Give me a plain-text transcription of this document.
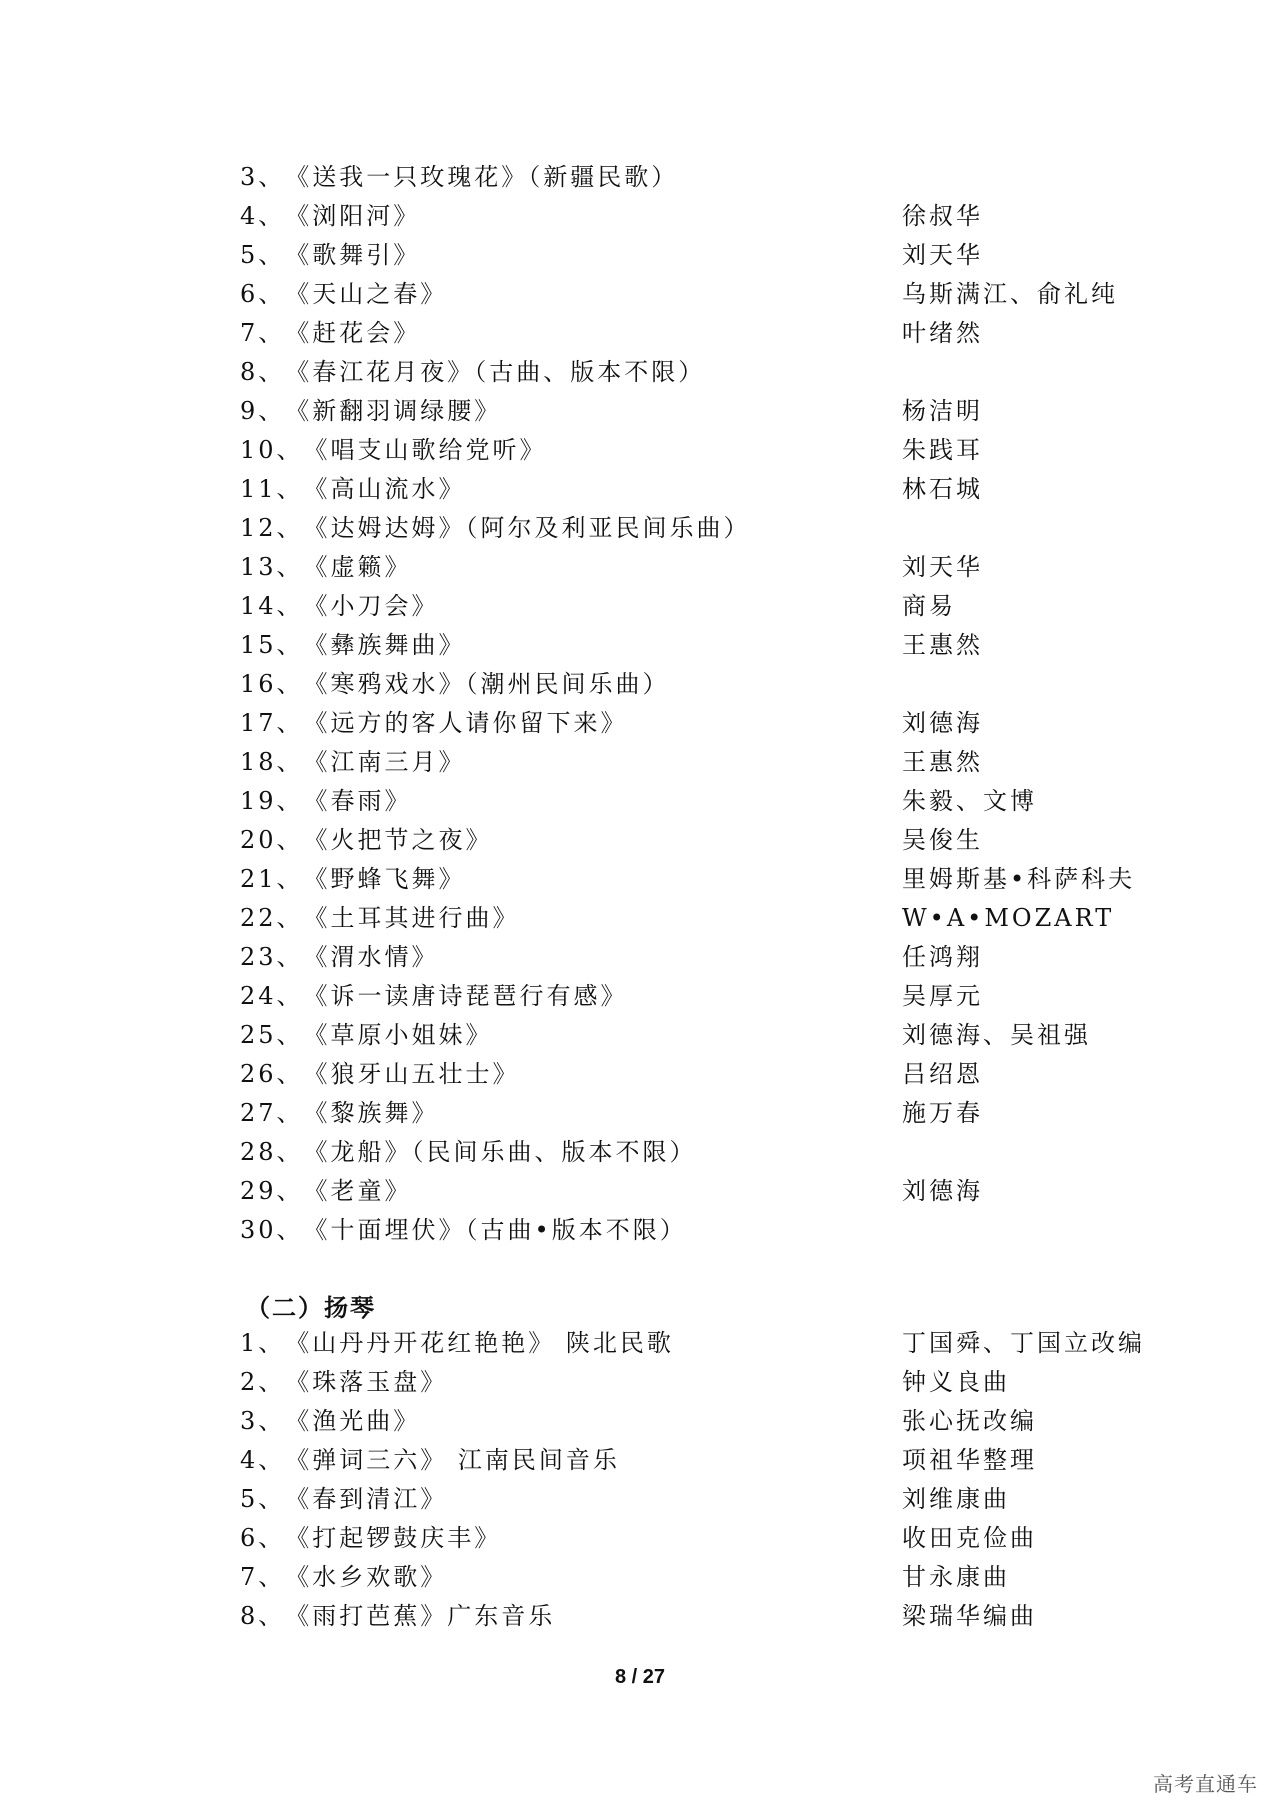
3、《送我一只玫瑰花》（新疆民歌）
4、《浏阳河》	徐叔华
5、《歌舞引》	刘天华
6、《天山之春》	乌斯满江、俞礼纯
7、《赶花会》	叶绪然
8、《春江花月夜》（古曲、版本不限）
9、《新翻羽调绿腰》	杨洁明
10、《唱支山歌给党听》	朱践耳
11、《高山流水》	林石城
12、《达姆达姆》（阿尔及利亚民间乐曲）
13、《虚籁》	刘天华
14、《小刀会》	商易
15、《彝族舞曲》	王惠然
16、《寒鸦戏水》（潮州民间乐曲）
17、《远方的客人请你留下来》	刘德海
18、《江南三月》	王惠然
19、《春雨》	朱毅、文博
20、《火把节之夜》	吴俊生
21、《野蜂飞舞》	里姆斯基•科萨科夫
22、《土耳其进行曲》	W•A•MOZART
23、《渭水情》	任鸿翔
24、《诉一读唐诗琵琶行有感》	吴厚元
25、《草原小姐妹》	刘德海、吴祖强
26、《狼牙山五壮士》	吕绍恩
27、《黎族舞》	施万春
28、《龙船》（民间乐曲、版本不限）
29、《老童》	刘德海
30、《十面埋伏》（古曲•版本不限）
（二）扬琴
1、《山丹丹开花红艳艳》 陕北民歌	丁国舜、丁国立改编
2、《珠落玉盘》	钟义良曲
3、《渔光曲》	张心抚改编
4、《弹词三六》 江南民间音乐	项祖华整理
5、《春到清江》	刘维康曲
6、《打起锣鼓庆丰》	收田克俭曲
7、《水乡欢歌》	甘永康曲
8、《雨打芭蕉》广东音乐	梁瑞华编曲
8 / 27
高考直通车
